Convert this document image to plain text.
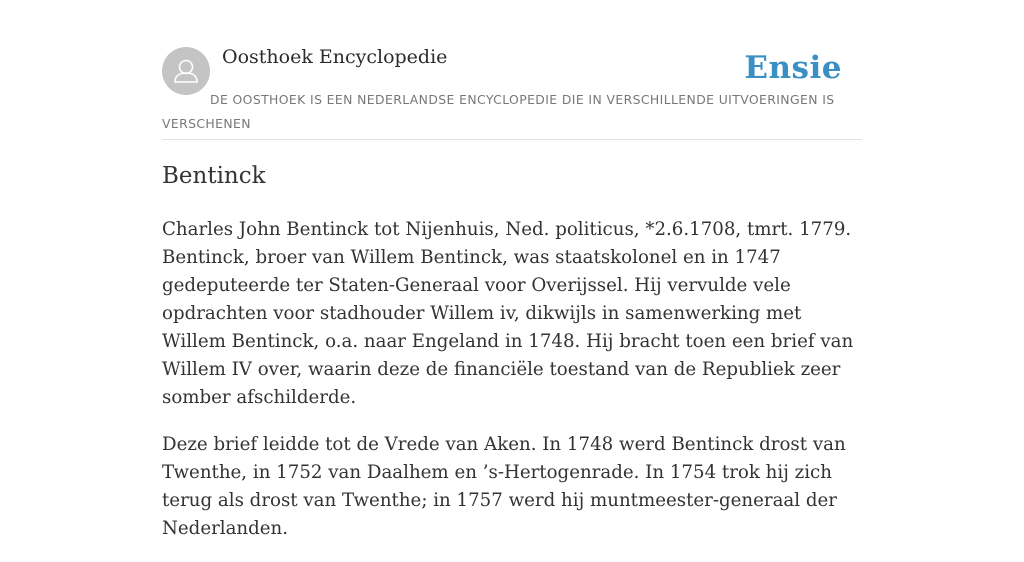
Oosthoek Encyclopedie	Ensie
DE OOSTHOEK IS EEN NEDERLANDSE ENCYCLOPEDIE DIE IN VERSCHILLENDE UITVOERINGEN IS VERSCHENEN
Bentinck

Charles John Bentinck tot Nijenhuis, Ned. politicus, *2.6.1708, tmrt. 1779. Bentinck, broer van Willem Bentinck, was staatskolonel en in 1747 gedeputeerde ter Staten-Generaal voor Overijssel. Hij vervulde vele opdrachten voor stadhouder Willem iv, dikwijls in samenwerking met Willem Bentinck, o.a. naar Engeland in 1748. Hij bracht toen een brief van Willem IV over, waarin deze de financiële toestand van de Republiek zeer somber afschilderde.

Deze brief leidde tot de Vrede van Aken. In 1748 werd Bentinck drost van Twenthe, in 1752 van Daalhem en ’s-Hertogenrade. In 1754 trok hij zich terug als drost van Twenthe; in 1757 werd hij muntmeester-generaal der Nederlanden.
